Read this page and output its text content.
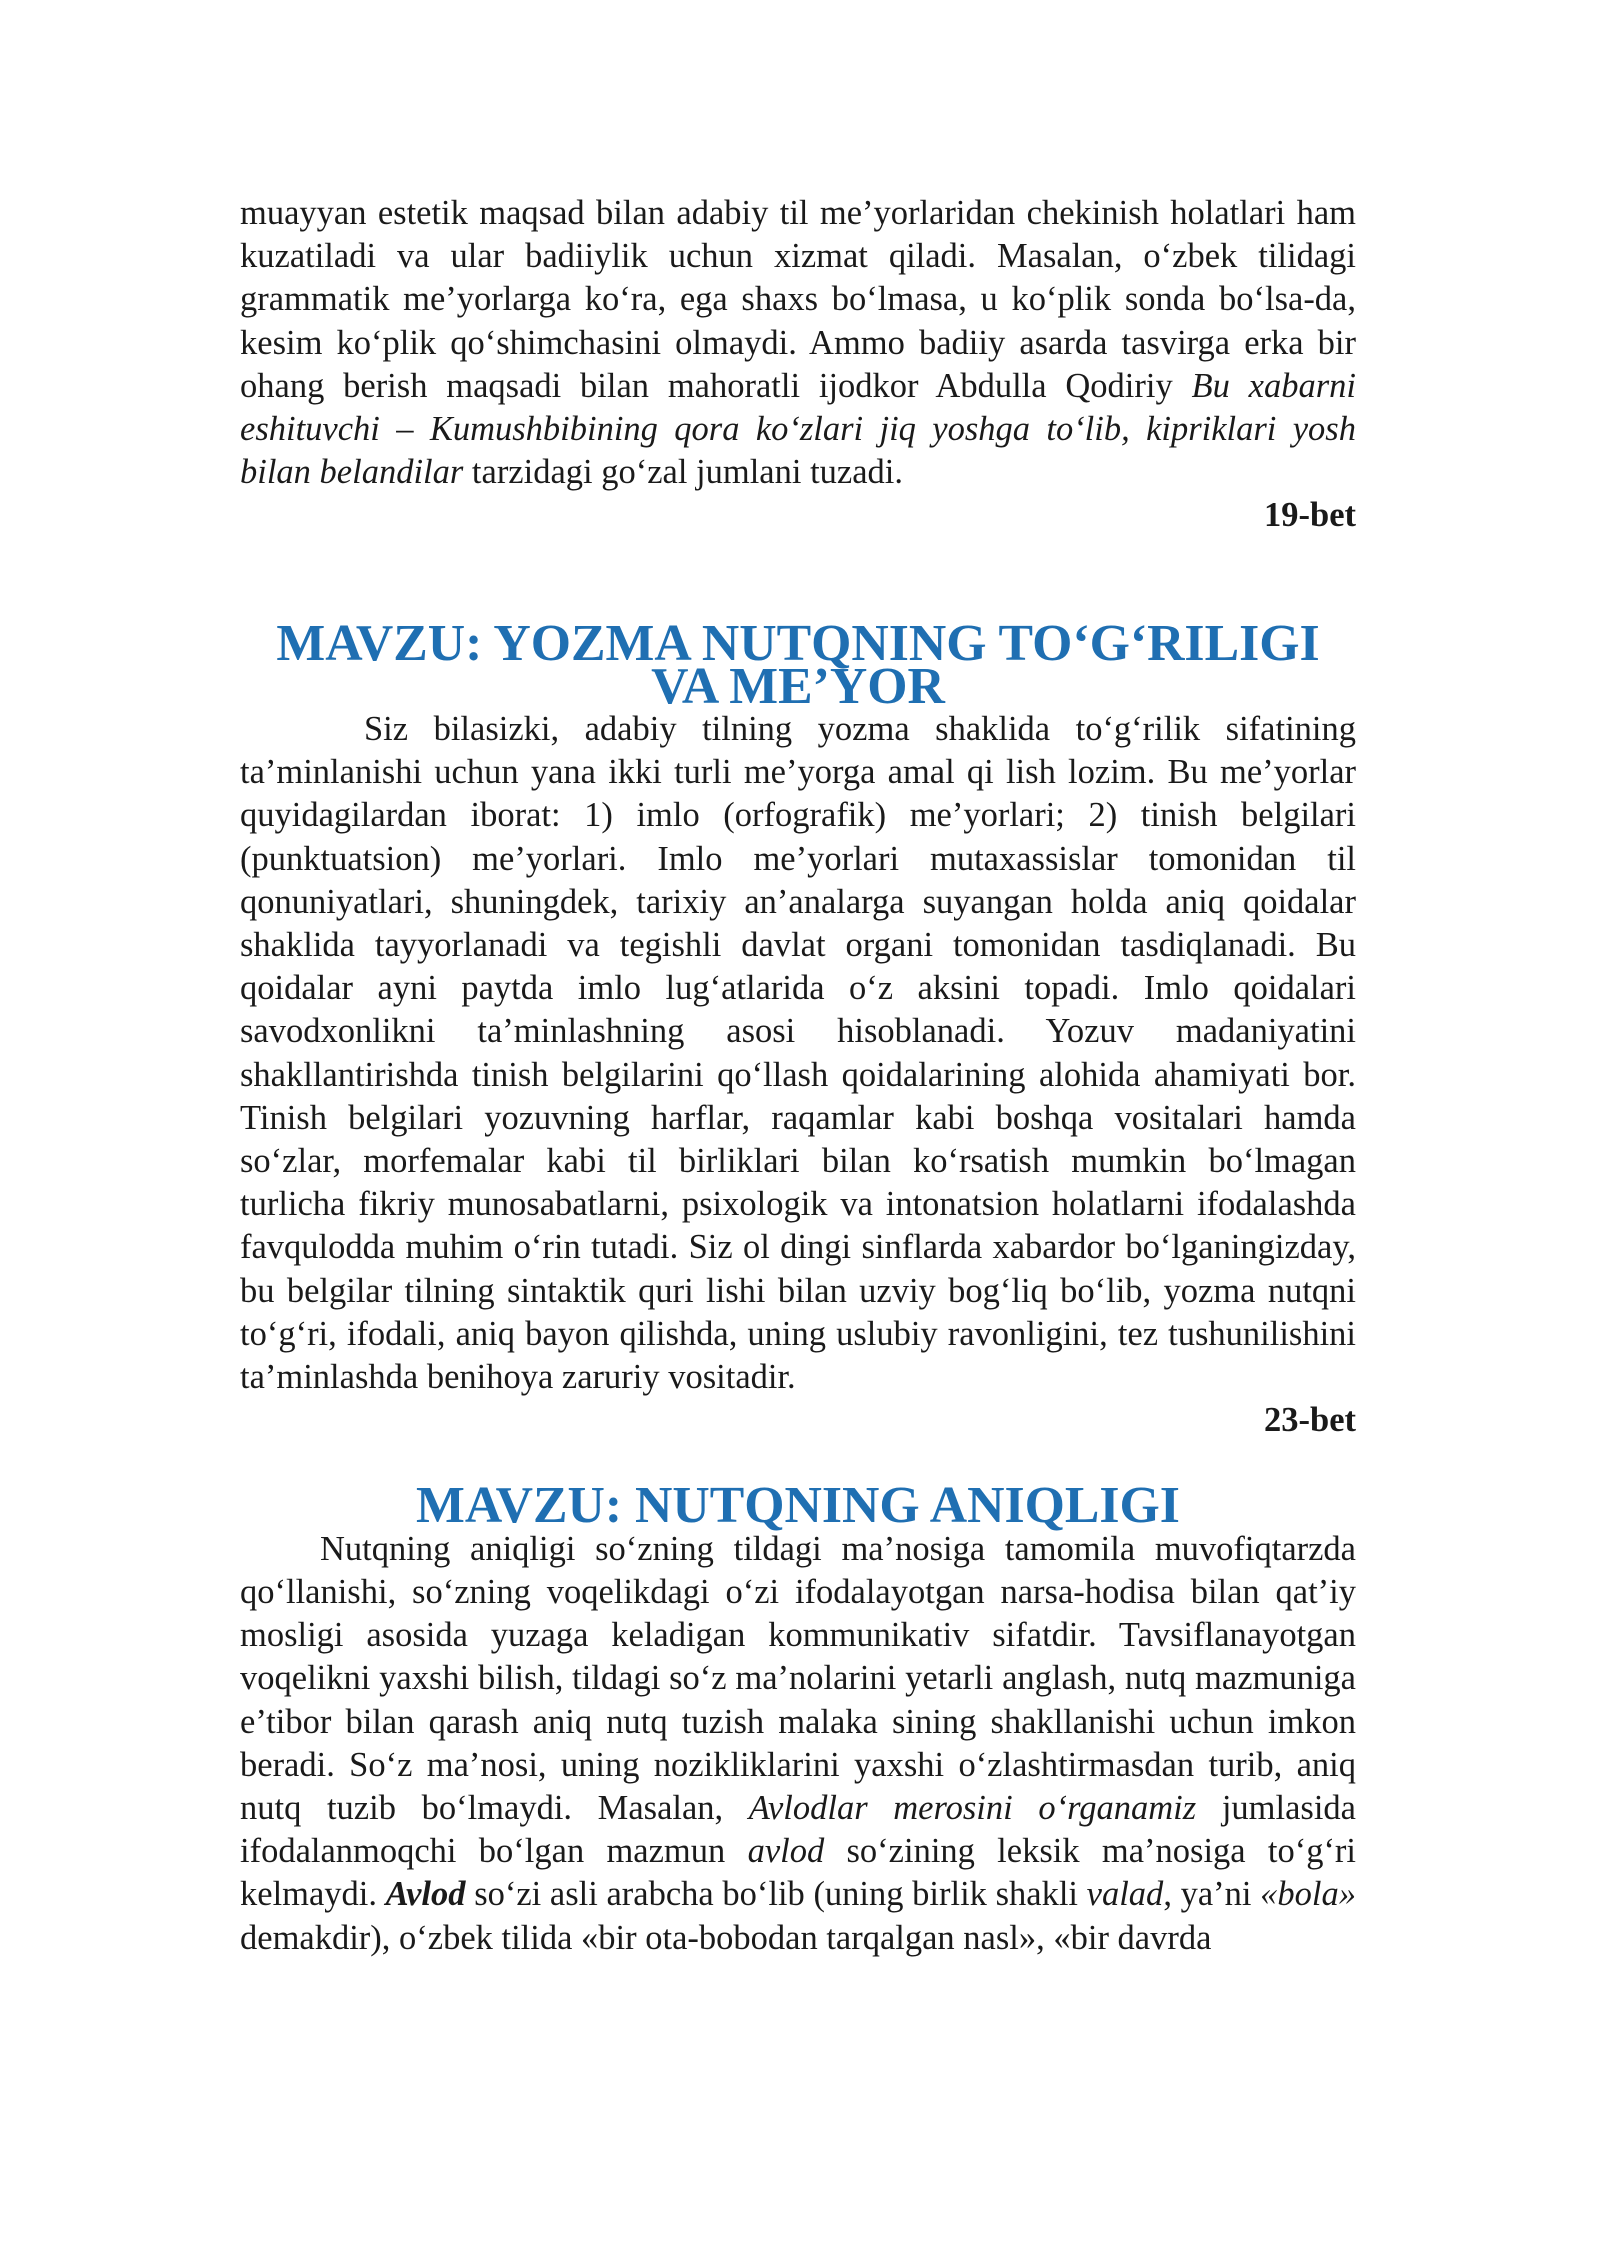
muayyan estetik maqsad bilan adabiy til me’yorlaridan chekinish holatlari ham kuzatiladi va ular badiiylik uchun xizmat qiladi. Masalan, o‘zbek tilidagi grammatik me’yorlarga ko‘ra, ega shaxs bo‘lmasa, u ko‘plik sonda bo‘lsa-da, kesim ko‘plik qo‘shimchasini olmaydi. Ammo badiiy asarda tasvirga erka bir ohang berish maqsadi bilan mahoratli ijodkor Abdulla Qodiriy Bu xabarni eshituvchi – Kumushbibining qora ko‘zlari jiq yoshga to‘lib, kipriklari yosh bilan belandilar tarzidagi go‘zal jumlani tuzadi.

19-bet

MAVZU: YOZMA NUTQNING TO‘G‘RILIGI VA ME’YOR

Siz bilasizki, adabiy tilning yozma shaklida to‘g‘rilik sifatining ta’minlanishi uchun yana ikki turli me’yorga amal qi lish lozim. Bu me’yorlar quyidagilardan iborat: 1) imlo (orfografik) me’yorlari; 2) tinish belgilari (punktuatsion) me’yorlari. Imlo me’yorlari mutaxassislar tomonidan til qonuniyatlari, shuningdek, tarixiy an’analarga suyangan holda aniq qoidalar shaklida tayyorlanadi va tegishli davlat organi tomonidan tasdiqlanadi. Bu qoidalar ayni paytda imlo lug‘atlarida o‘z aksini topadi. Imlo qoidalari savodxonlikni ta’minlashning asosi hisoblanadi. Yozuv madaniyatini shakllantirishda tinish belgilarini qo‘llash qoidalarining alohida ahamiyati bor. Tinish belgilari yozuvning harflar, raqamlar kabi boshqa vositalari hamda so‘zlar, morfemalar kabi til birliklari bilan ko‘rsatish mumkin bo‘lmagan turlicha fikriy munosabatlarni, psixologik va intonatsion holatlarni ifodalashda favqulodda muhim o‘rin tutadi. Siz ol dingi sinflarda xabardor bo‘lganingizday, bu belgilar tilning sintaktik quri lishi bilan uzviy bog‘liq bo‘lib, yozma nutqni to‘g‘ri, ifodali, aniq bayon qilishda, uning uslubiy ravonligini, tez tushunilishini ta’minlashda benihoya zaruriy vositadir.

23-bet

MAVZU: NUTQNING ANIQLIGI

Nutqning aniqligi so‘zning tildagi ma’nosiga tamomila muvofiqtarzda qo‘llanishi, so‘zning voqelikdagi o‘zi ifodalayotgan narsa-hodisa bilan qat’iy mosligi asosida yuzaga keladigan kommunikativ sifatdir. Tavsiflanayotgan voqelikni yaxshi bilish, tildagi so‘z ma’nolarini yetarli anglash, nutq mazmuniga e’tibor bilan qarash aniq nutq tuzish malaka sining shakllanishi uchun imkon beradi. So‘z ma’nosi, uning nozikliklarini yaxshi o‘zlashtirmasdan turib, aniq nutq tuzib bo‘lmaydi. Masalan, Avlodlar merosini o‘rganamiz jumlasida ifodalanmoqchi bo‘lgan mazmun avlod so‘zining leksik ma’nosiga to‘g‘ri kelmaydi. Avlod so‘zi asli arabcha bo‘lib (uning birlik shakli valad, ya’ni «bola» demakdir), o‘zbek tilida «bir ota-bobodan tarqalgan nasl», «bir davrda
